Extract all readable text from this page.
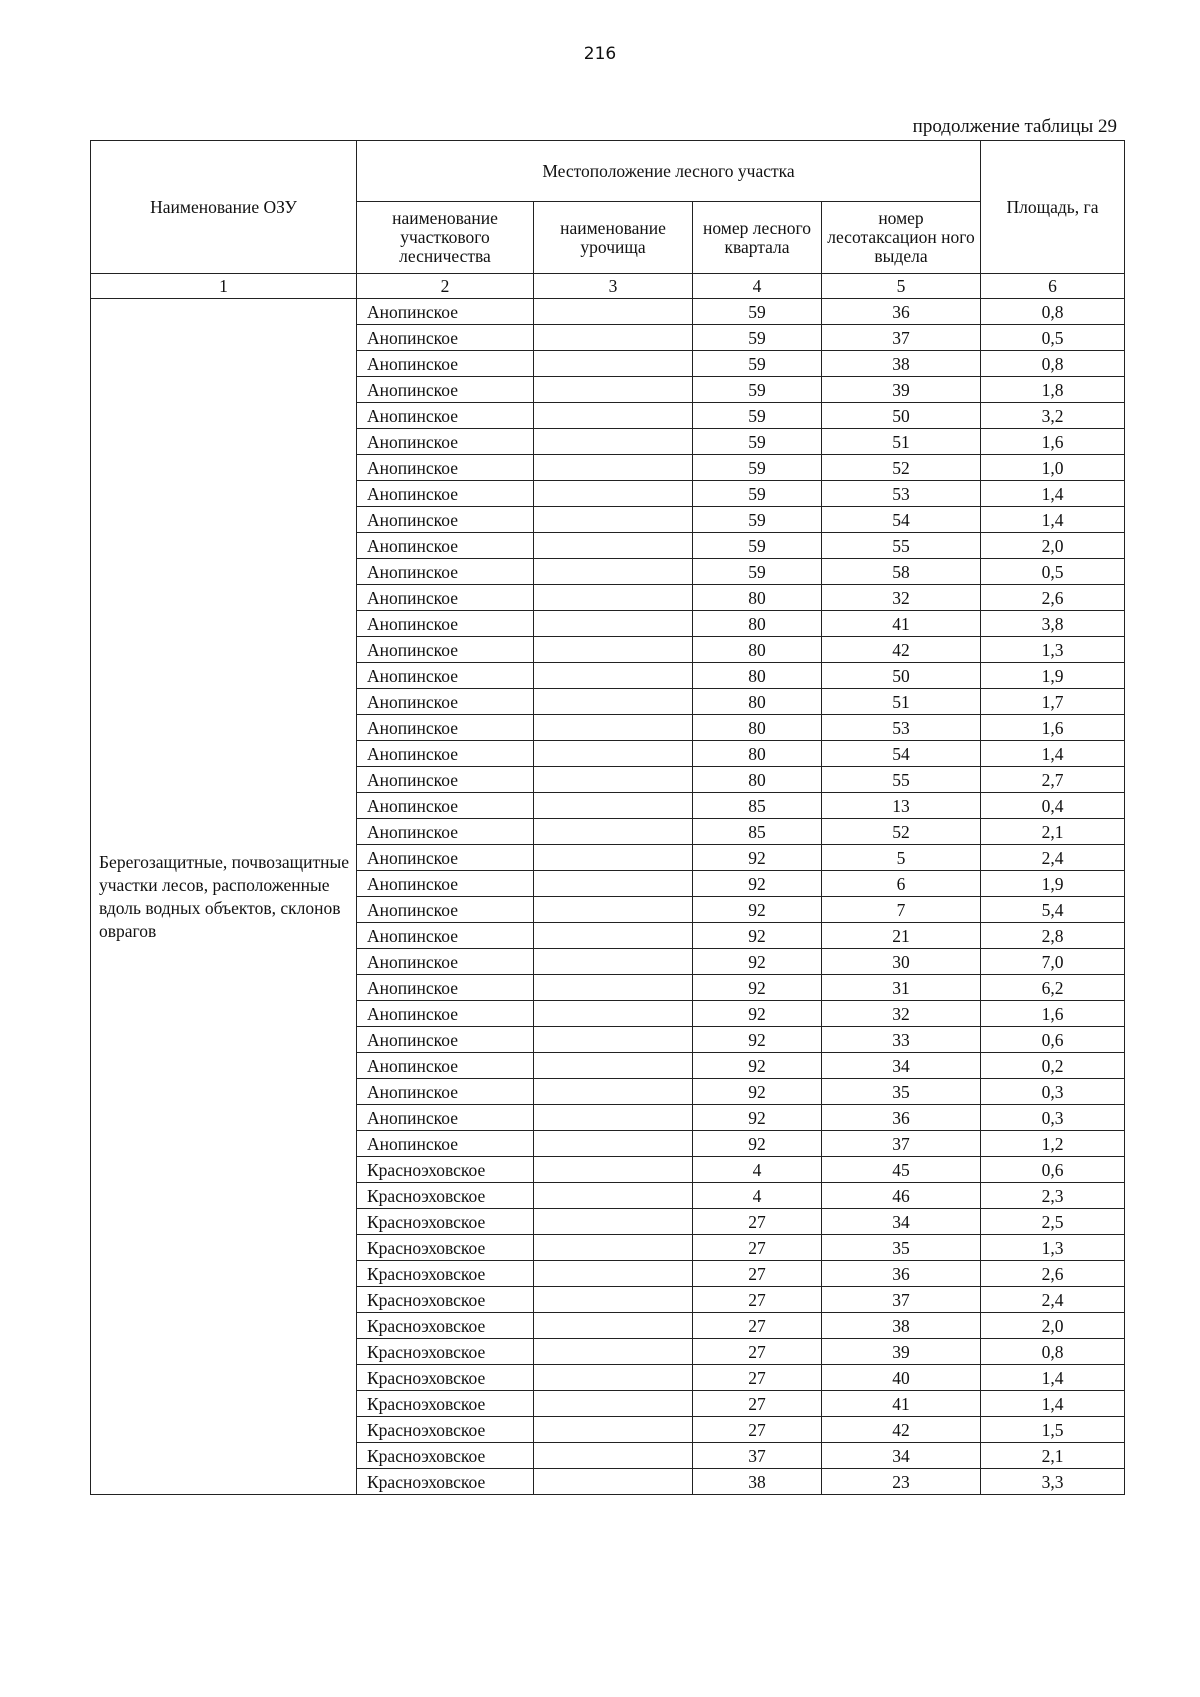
216
продолжение таблицы 29
Наименование ОЗУ	Местоположение лесного участка				Площадь, га
	наименование участкового лесничества	наименование урочища	номер лесного квартала	номер лесотаксацион ного выдела	
1	2	3	4	5	6
Берегозащитные, почвозащитные участки лесов, расположенные вдоль водных объектов, склонов оврагов	Анопинское		59	36	0,8
	Анопинское		59	37	0,5
	Анопинское		59	38	0,8
	Анопинское		59	39	1,8
	Анопинское		59	50	3,2
	Анопинское		59	51	1,6
	Анопинское		59	52	1,0
	Анопинское		59	53	1,4
	Анопинское		59	54	1,4
	Анопинское		59	55	2,0
	Анопинское		59	58	0,5
	Анопинское		80	32	2,6
	Анопинское		80	41	3,8
	Анопинское		80	42	1,3
	Анопинское		80	50	1,9
	Анопинское		80	51	1,7
	Анопинское		80	53	1,6
	Анопинское		80	54	1,4
	Анопинское		80	55	2,7
	Анопинское		85	13	0,4
	Анопинское		85	52	2,1
	Анопинское		92	5	2,4
	Анопинское		92	6	1,9
	Анопинское		92	7	5,4
	Анопинское		92	21	2,8
	Анопинское		92	30	7,0
	Анопинское		92	31	6,2
	Анопинское		92	32	1,6
	Анопинское		92	33	0,6
	Анопинское		92	34	0,2
	Анопинское		92	35	0,3
	Анопинское		92	36	0,3
	Анопинское		92	37	1,2
	Красноэховское		4	45	0,6
	Красноэховское		4	46	2,3
	Красноэховское		27	34	2,5
	Красноэховское		27	35	1,3
	Красноэховское		27	36	2,6
	Красноэховское		27	37	2,4
	Красноэховское		27	38	2,0
	Красноэховское		27	39	0,8
	Красноэховское		27	40	1,4
	Красноэховское		27	41	1,4
	Красноэховское		27	42	1,5
	Красноэховское		37	34	2,1
	Красноэховское		38	23	3,3
